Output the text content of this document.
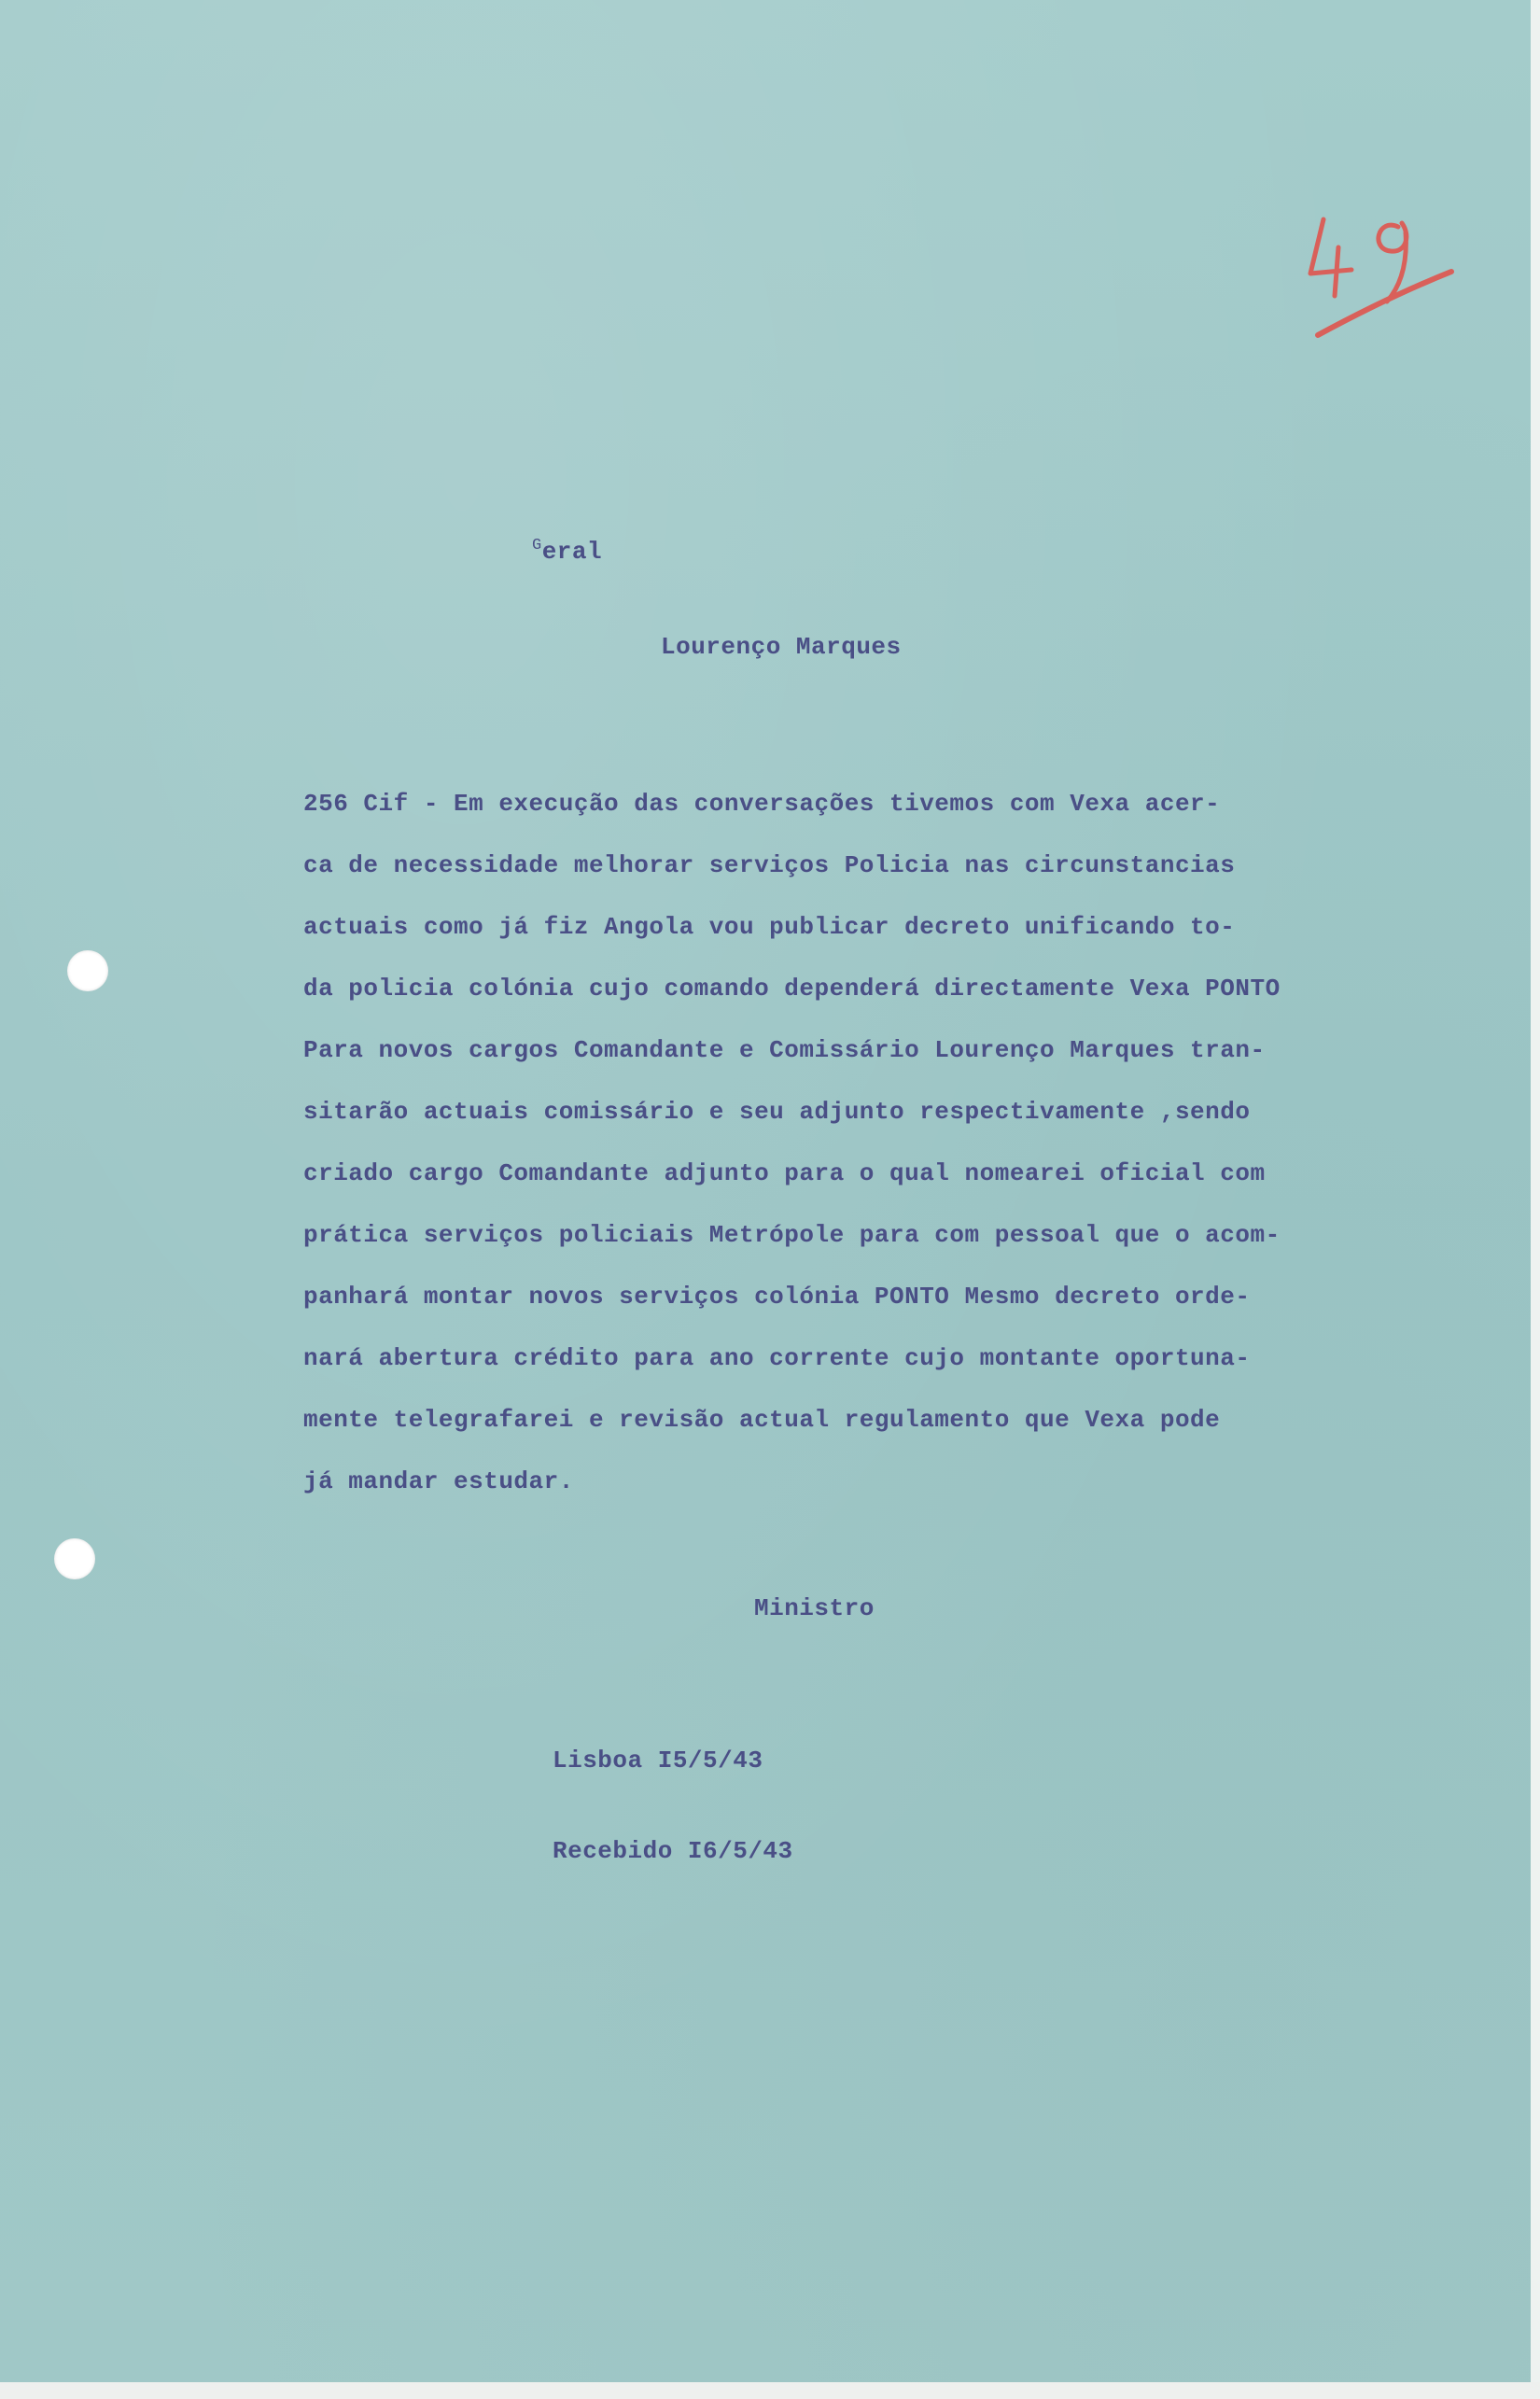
$^G$eral
Lourenço Marques
256 Cif - Em execução das conversações tivemos com Vexa acer-
ca de necessidade melhorar serviços Policia nas circunstancias
actuais como já fiz Angola vou publicar decreto unificando to-
da policia colónia cujo comando dependerá directamente Vexa PONTO
Para novos cargos Comandante e Comissário Lourenço Marques tran-
sitarão actuais comissário e seu adjunto respectivamente ,sendo
criado cargo Comandante adjunto para o qual nomearei oficial com
prática serviços policiais Metrópole para com pessoal que o acom-
panhará montar novos serviços colónia PONTO Mesmo decreto orde-
nará abertura crédito para ano corrente cujo montante oportuna-
mente telegrafarei e revisão actual regulamento que Vexa pode
já mandar estudar.
Ministro
Lisboa I5/5/43
Recebido I6/5/43
